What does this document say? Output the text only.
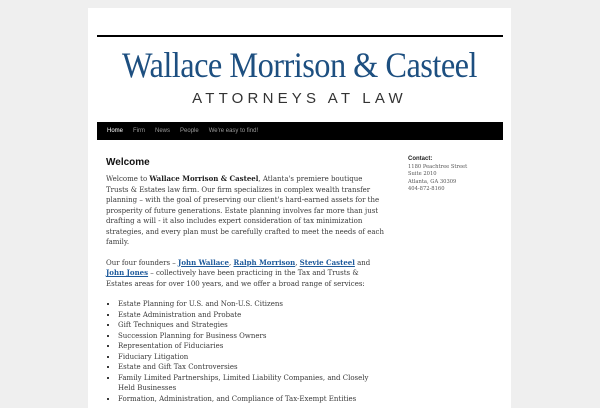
Wallace Morrison & Casteel
ATTORNEYS AT LAW
Home	Firm	News	People	We're easy to find!
Welcome

Welcome to Wallace Morrison & Casteel, Atlanta's premiere boutique Trusts & Estates law firm. Our firm specializes in complex wealth transfer planning – with the goal of preserving our client's hard-earned assets for the prosperity of future generations. Estate planning involves far more than just drafting a will - it also includes expert consideration of tax minimization strategies, and every plan must be carefully crafted to meet the needs of each family.

Our four founders – John Wallace, Ralph Morrison, Stevie Casteel and John Jones – collectively have been practicing in the Tax and Trusts & Estates areas for over 100 years, and we offer a broad range of services:

▪ Estate Planning for U.S. and Non-U.S. Citizens
▪ Estate Administration and Probate
▪ Gift Techniques and Strategies
▪ Succession Planning for Business Owners
▪ Representation of Fiduciaries
▪ Fiduciary Litigation
▪ Estate and Gift Tax Controversies
▪ Family Limited Partnerships, Limited Liability Companies, and Closely Held Businesses
▪ Formation, Administration, and Compliance of Tax-Exempt Entities
Contact:
1180 Peachtree Street
Suite 2010
Atlanta, GA 30309
404-872-8160
